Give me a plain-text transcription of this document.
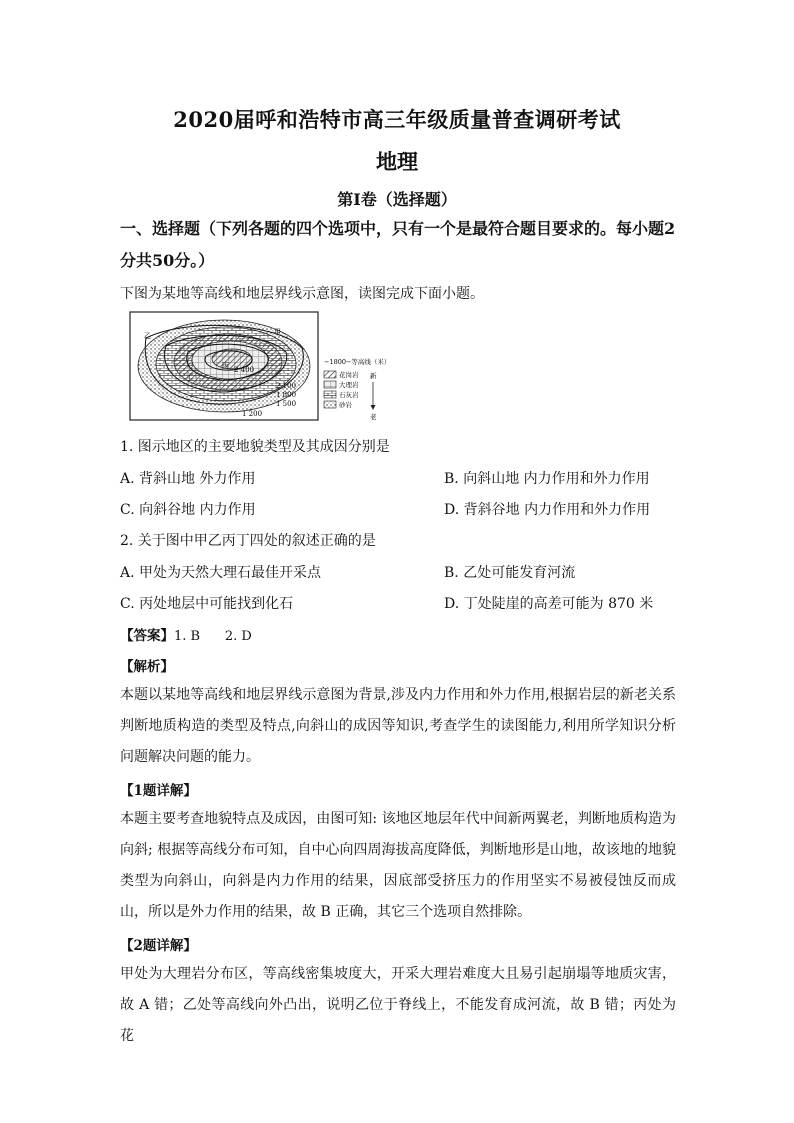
2020届呼和浩特市高三年级质量普查调研考试
地理
第I卷（选择题）
一、选择题（下列各题的四个选项中，只有一个是最符合题目要求的。每小题2
分共50分。）
下图为某地等高线和地层界线示意图，读图完成下面小题。
乙	甲
丙
丁
2 400
2 100
1 800
1 500
1 200
−1800−等高线（米）
花岗岩
大理岩
石灰岩
砂岩
新
老
1. 图示地区的主要地貌类型及其成因分别是
A. 背斜山地 外力作用	B. 向斜山地 内力作用和外力作用
C. 向斜谷地 内力作用	D. 背斜谷地 内力作用和外力作用
2. 关于图中甲乙丙丁四处的叙述正确的是
A. 甲处为天然大理石最佳开采点	B. 乙处可能发育河流
C. 丙处地层中可能找到化石	D. 丁处陡崖的高差可能为 870 米
【答案】1. B      2. D
【解析】
本题以某地等高线和地层界线示意图为背景,涉及内力作用和外力作用,根据岩层的新老关系判断地质构造的类型及特点,向斜山的成因等知识,考查学生的读图能力,利用所学知识分析问题解决问题的能力。
【1题详解】
本题主要考查地貌特点及成因，由图可知: 该地区地层年代中间新两翼老，判断地质构造为向斜; 根据等高线分布可知，自中心向四周海拔高度降低，判断地形是山地，故该地的地貌类型为向斜山，向斜是内力作用的结果，因底部受挤压力的作用坚实不易被侵蚀反而成山，所以是外力作用的结果，故 B 正确，其它三个选项自然排除。
【2题详解】
甲处为大理岩分布区，等高线密集坡度大，开采大理岩难度大且易引起崩塌等地质灾害，故 A 错；乙处等高线向外凸出，说明乙位于脊线上，不能发育成河流，故 B 错；丙处为花
